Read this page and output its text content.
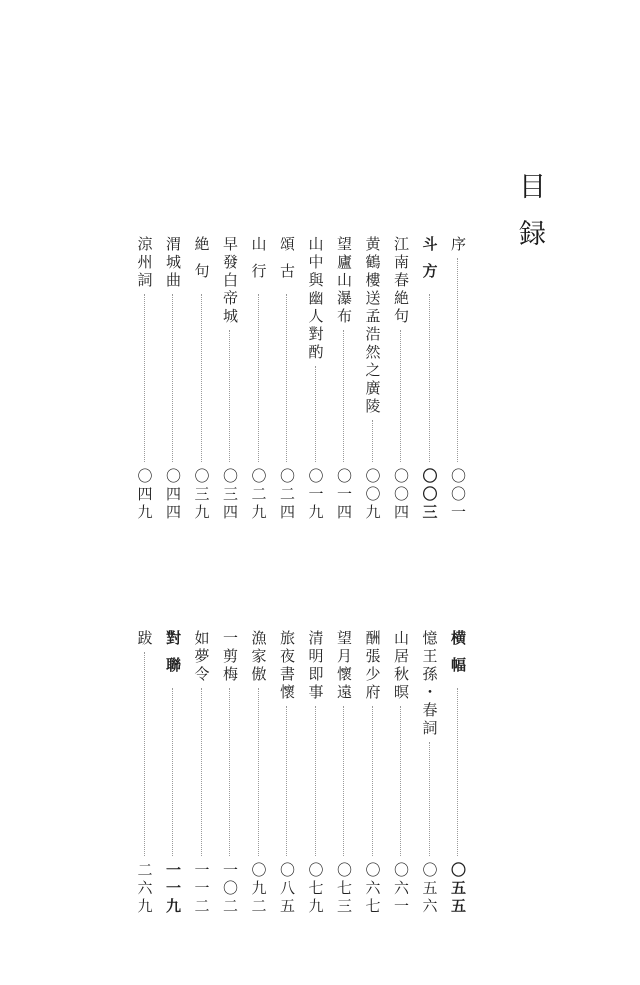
目録
序
〇〇一
斗方
〇〇三
江南春絶句
〇〇四
黄鶴樓送孟浩然之廣陵
〇〇九
望廬山瀑布
〇一四
山中與幽人對酌
〇一九
頌古
〇二四
山行
〇二九
早發白帝城
〇三四
絶句
〇三九
渭城曲
〇四四
涼州詞
〇四九
横幅
〇五五
憶王孫・春詞
〇五六
山居秋暝
〇六一
酬張少府
〇六七
望月懷遠
〇七三
清明即事
〇七九
旅夜書懷
〇八五
漁家傲
〇九二
一剪梅
一〇二
如夢令
一一二
對聯
一一九
跋
二六九
